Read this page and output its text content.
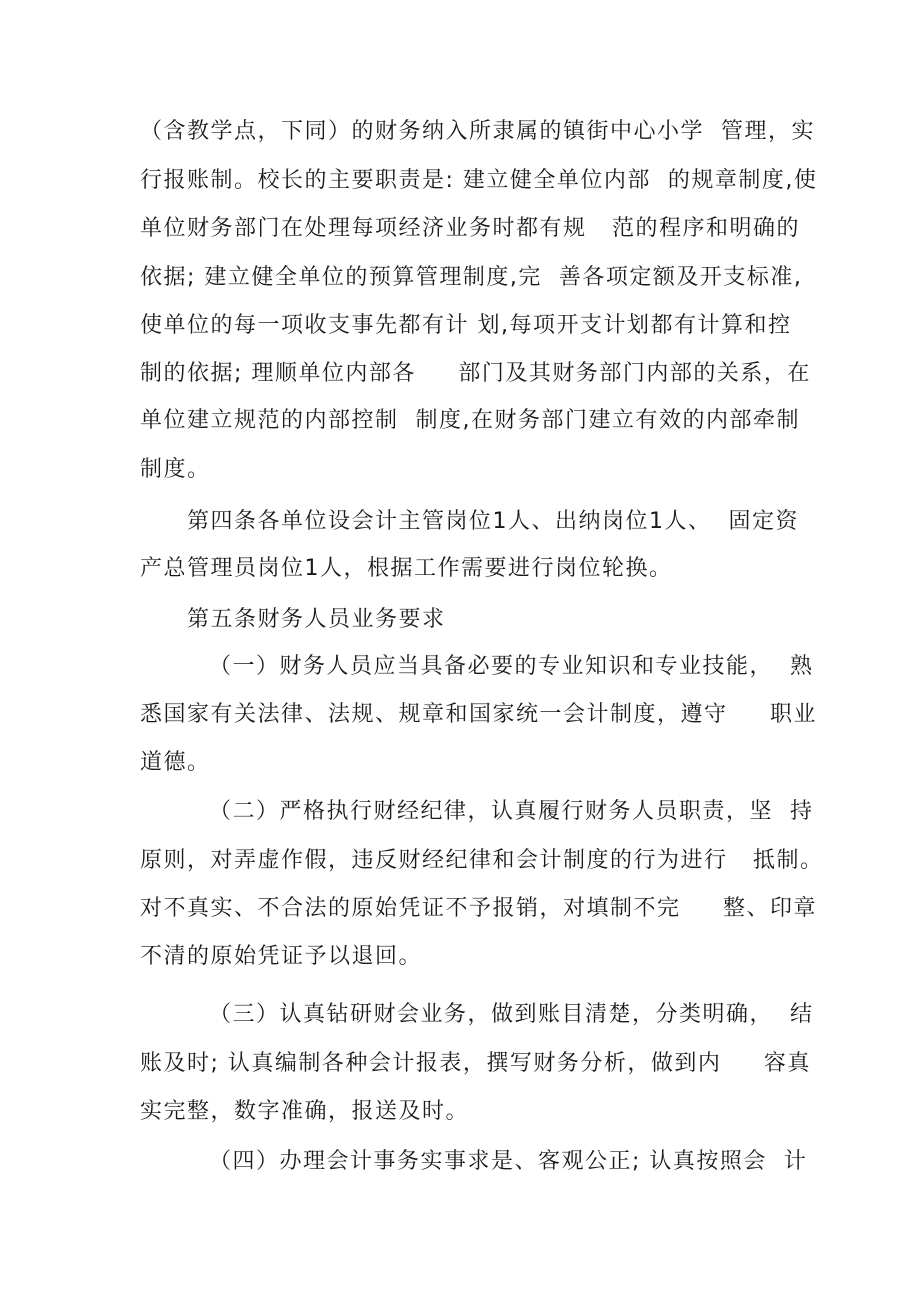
（含教学点，下同）的财务纳入所隶属的镇街中心小学  管理，实
行报账制。校长的主要职责是: 建立健全单位内部  的规章制度,使
单位财务部门在处理每项经济业务时都有规   范的程序和明确的
依据; 建立健全单位的预算管理制度,完  善各项定额及开支标准,
使单位的每一项收支事先都有计 划,每项开支计划都有计算和控
制的依据; 理顺单位内部各     部门及其财务部门内部的关系，在
单位建立规范的内部控制  制度,在财务部门建立有效的内部牵制
制度。
第四条各单位设会计主管岗位1人、出纳岗位1人、  固定资
产总管理员岗位1人，根据工作需要进行岗位轮换。
第五条财务人员业务要求
（一）财务人员应当具备必要的专业知识和专业技能，  熟
悉国家有关法律、法规、规章和国家统一会计制度，遵守     职业
道德。
（二）严格执行财经纪律，认真履行财务人员职责，坚  持
原则，对弄虚作假，违反财经纪律和会计制度的行为进行   抵制。
对不真实、不合法的原始凭证不予报销，对填制不完     整、印章
不清的原始凭证予以退回。
（三）认真钻研财会业务，做到账目清楚，分类明确，  结
账及时; 认真编制各种会计报表，撰写财务分析，做到内     容真
实完整，数字准确，报送及时。
（四）办理会计事务实事求是、客观公正; 认真按照会  计
